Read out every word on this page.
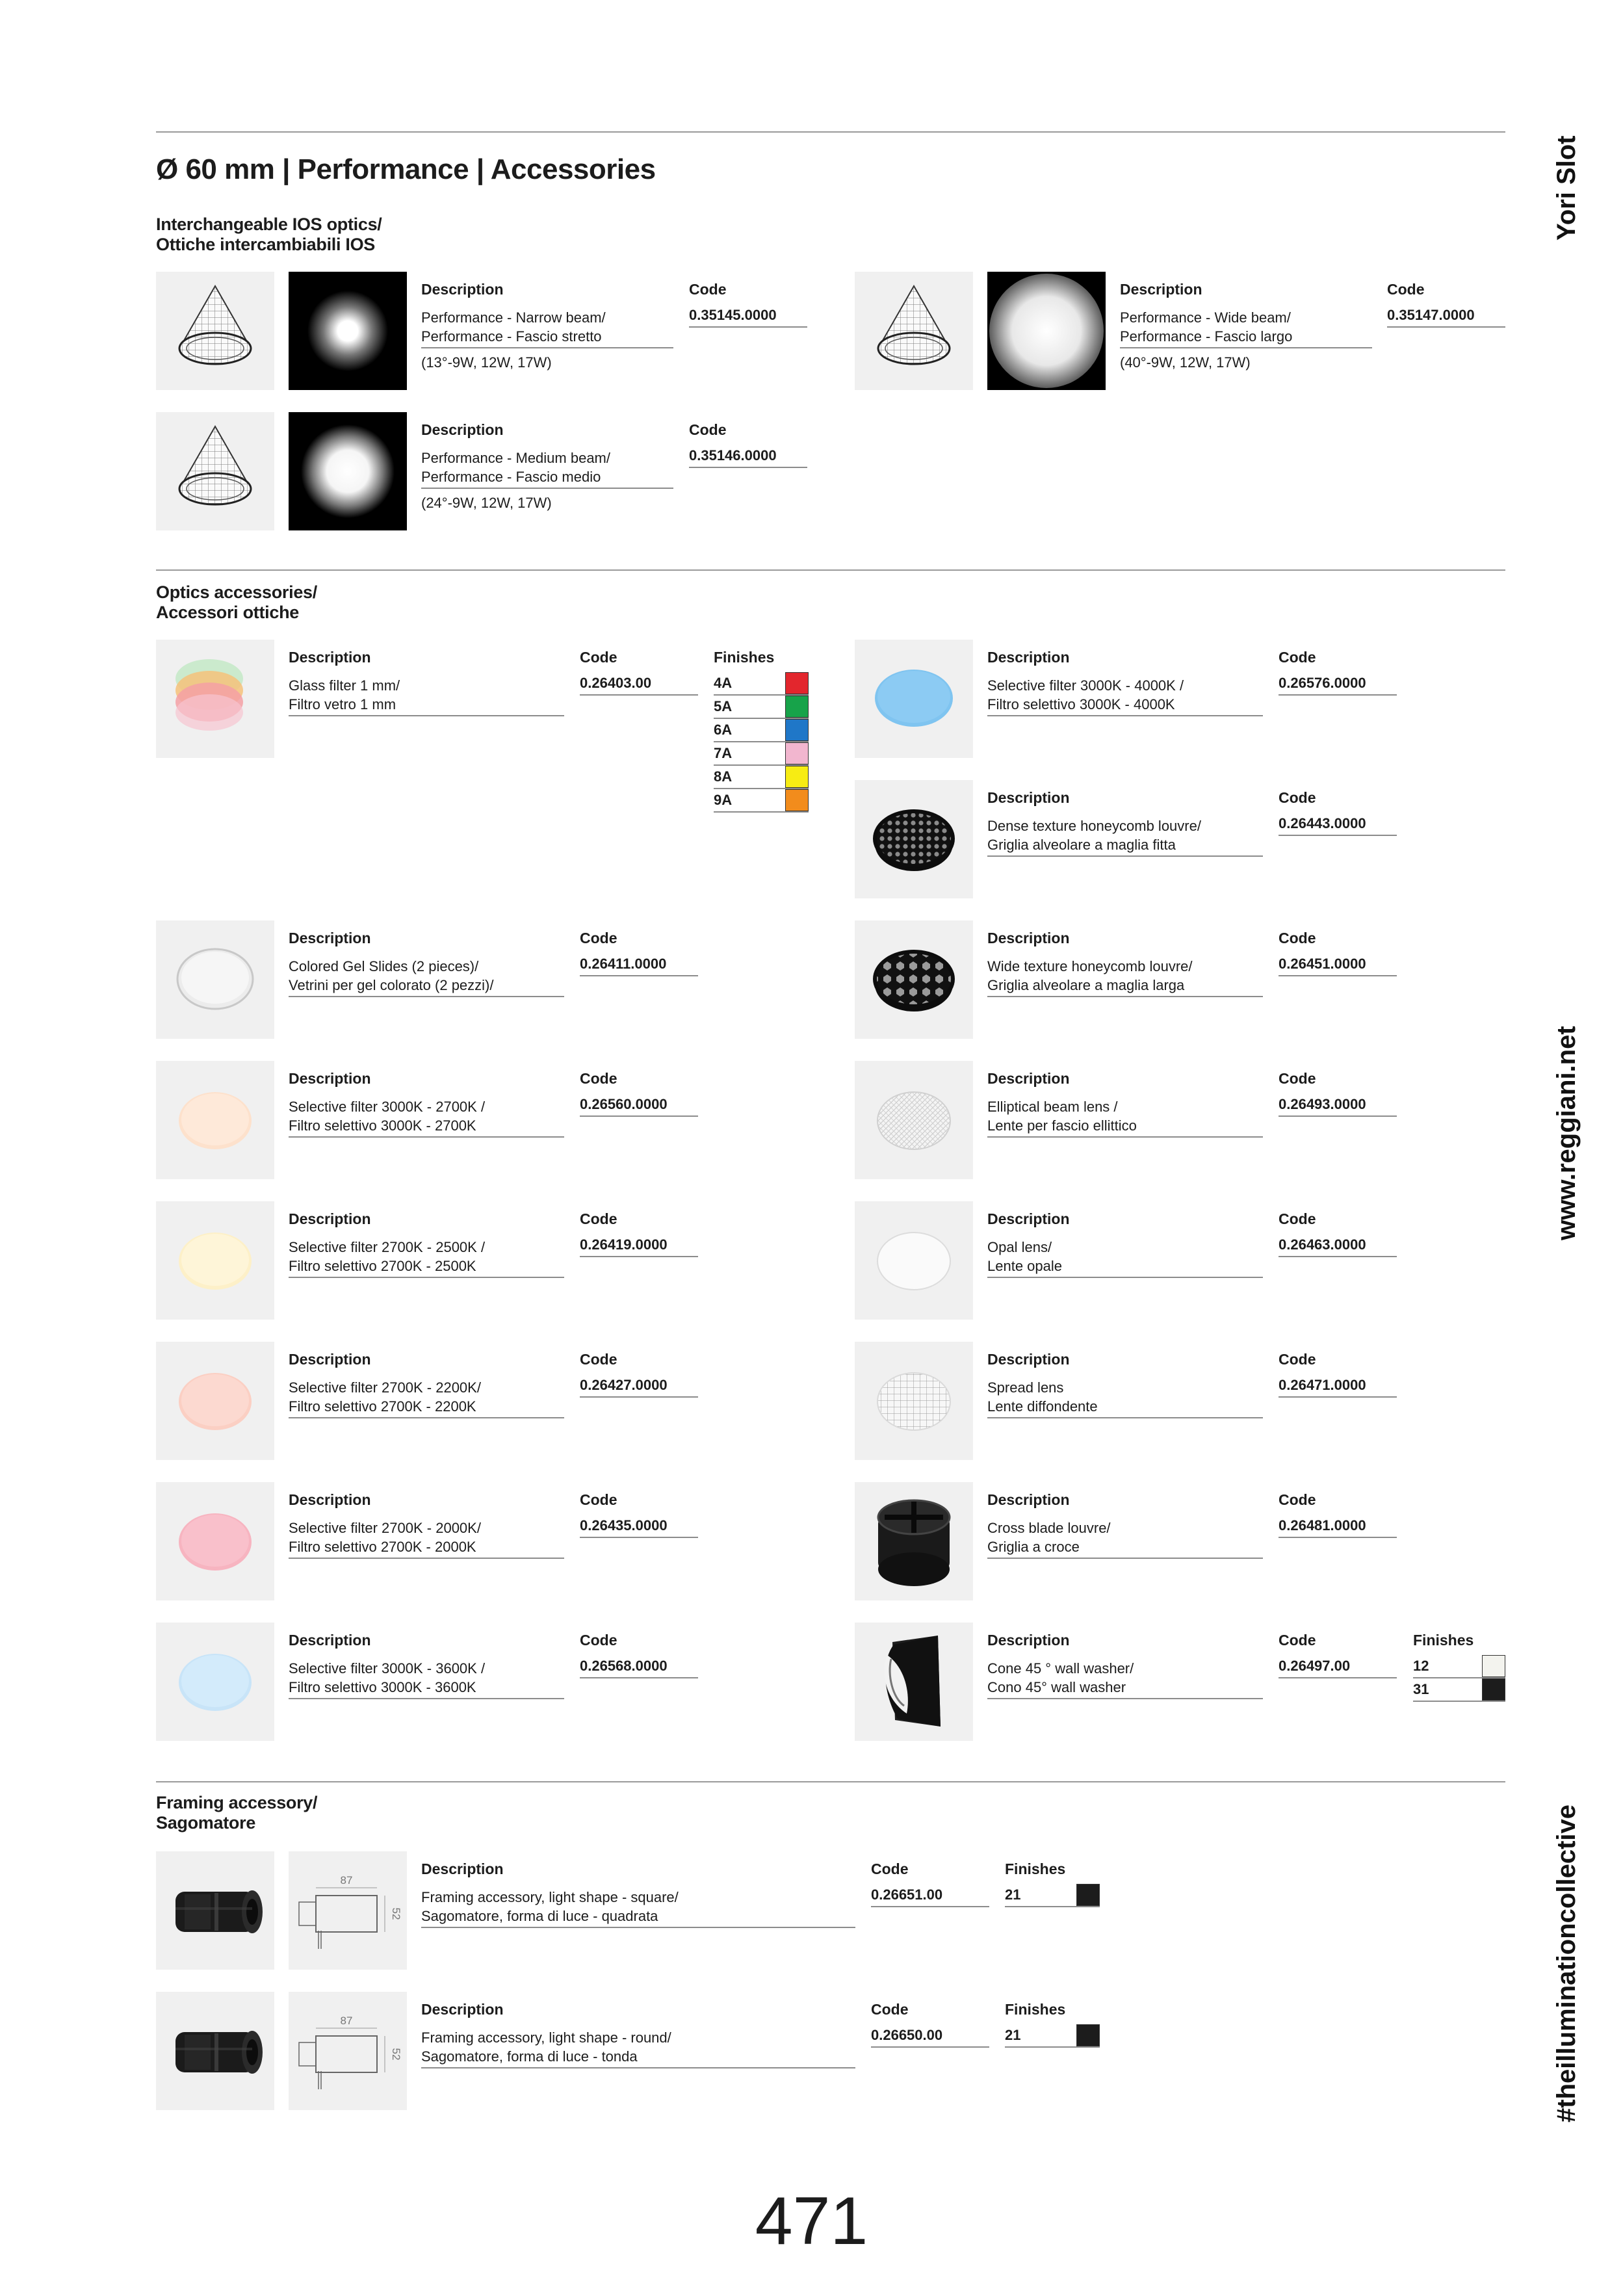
Ø 60 mm | Performance | Accessories	Yori Slot
www.reggiani.net
#theilluminationcollective
Interchangeable IOS optics/
Ottiche intercambiabili IOS
Description
Performance - Narrow beam/
Performance - Fascio stretto
(13°-9W, 12W, 17W)
Code
0.35145.0000
Description
Performance - Wide beam/
Performance - Fascio largo
(40°-9W, 12W, 17W)
Code
0.35147.0000
Description
Performance - Medium beam/
Performance - Fascio medio
(24°-9W, 12W, 17W)
Code
0.35146.0000
Optics accessories/
Accessori ottiche
Description
Glass filter 1 mm/
Filtro vetro 1 mm
Code
0.26403.00
Finishes
4A
5A
6A
7A
8A
9A
Description
Colored Gel Slides (2 pieces)/
Vetrini per gel colorato (2 pezzi)/
Code
0.26411.0000
Description
Selective filter 3000K - 2700K /
Filtro selettivo 3000K - 2700K
Code
0.26560.0000
Description
Selective filter 2700K - 2500K /
Filtro selettivo 2700K - 2500K
Code
0.26419.0000
Description
Selective filter 2700K - 2200K/
Filtro selettivo 2700K - 2200K
Code
0.26427.0000
Description
Selective filter 2700K - 2000K/
Filtro selettivo 2700K - 2000K
Code
0.26435.0000
Description
Selective filter 3000K - 3600K /
Filtro selettivo 3000K - 3600K
Code
0.26568.0000
Description
Selective filter 3000K - 4000K /
Filtro selettivo 3000K - 4000K
Code
0.26576.0000
Description
Dense texture honeycomb louvre/
Griglia alveolare a maglia fitta
Code
0.26443.0000
Description
Wide texture honeycomb louvre/
Griglia alveolare a maglia larga
Code
0.26451.0000
Description
Elliptical beam lens /
Lente per fascio ellittico
Code
0.26493.0000
Description
Opal lens/
Lente opale
Code
0.26463.0000
Description
Spread lens
Lente diffondente
Code
0.26471.0000
Description
Cross blade louvre/
Griglia a croce
Code
0.26481.0000
Description
Cone 45 ° wall washer/
Cono 45° wall washer
Code
0.26497.00
Finishes
12
31
Framing accessory/
Sagomatore
87
52
Description
Framing accessory, light shape - square/
Sagomatore, forma di luce - quadrata
Code
0.26651.00
Finishes
21
87
52
Description
Framing accessory, light shape - round/
Sagomatore, forma di luce - tonda
Code
0.26650.00
Finishes
21
471
